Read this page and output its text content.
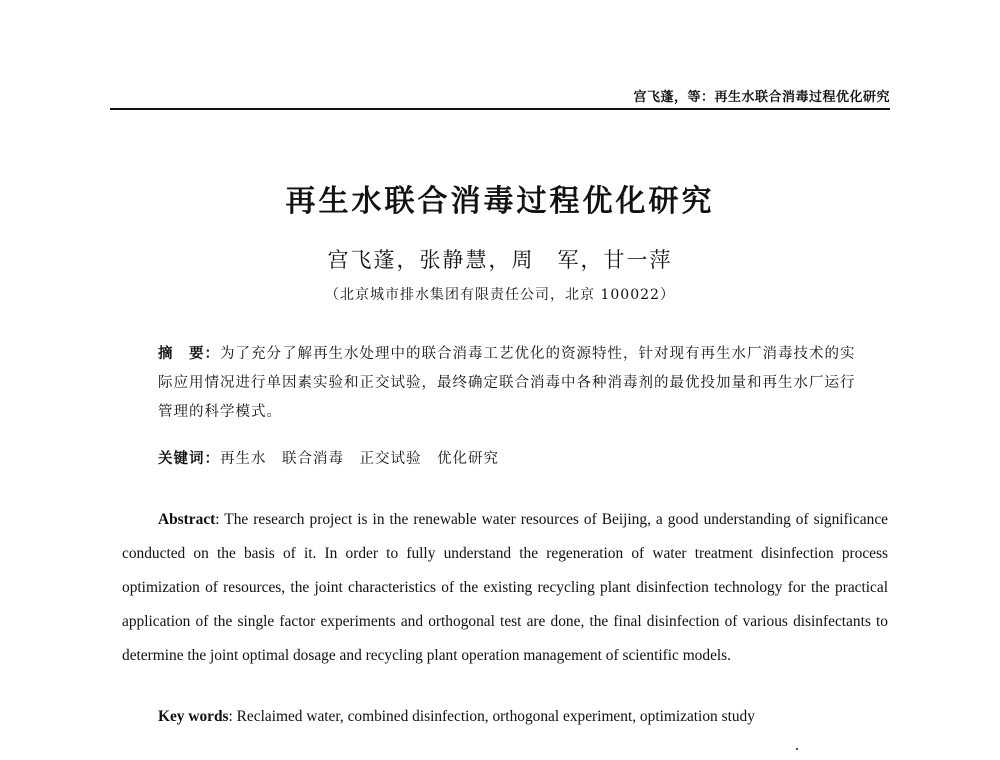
宫飞蓬，等：再生水联合消毒过程优化研究
再生水联合消毒过程优化研究
宫飞蓬，张静慧，周　军，甘一萍
（北京城市排水集团有限责任公司，北京 100022）
摘　要：为了充分了解再生水处理中的联合消毒工艺优化的资源特性，针对现有再生水厂消毒技术的实际应用情况进行单因素实验和正交试验，最终确定联合消毒中各种消毒剂的最优投加量和再生水厂运行管理的科学模式。
关键词：再生水　联合消毒　正交试验　优化研究

Abstract: The research project is in the renewable water resources of Beijing, a good understanding of significance conducted on the basis of it. In order to fully understand the regeneration of water treatment disinfection process optimization of resources, the joint characteristics of the existing recycling plant disinfection technology for the practical application of the single factor experiments and orthogonal test are done, the final disinfection of various disinfectants to determine the joint optimal dosage and recycling plant operation management of scientific models.

Key words: Reclaimed water, combined disinfection, orthogonal experiment, optimization study
